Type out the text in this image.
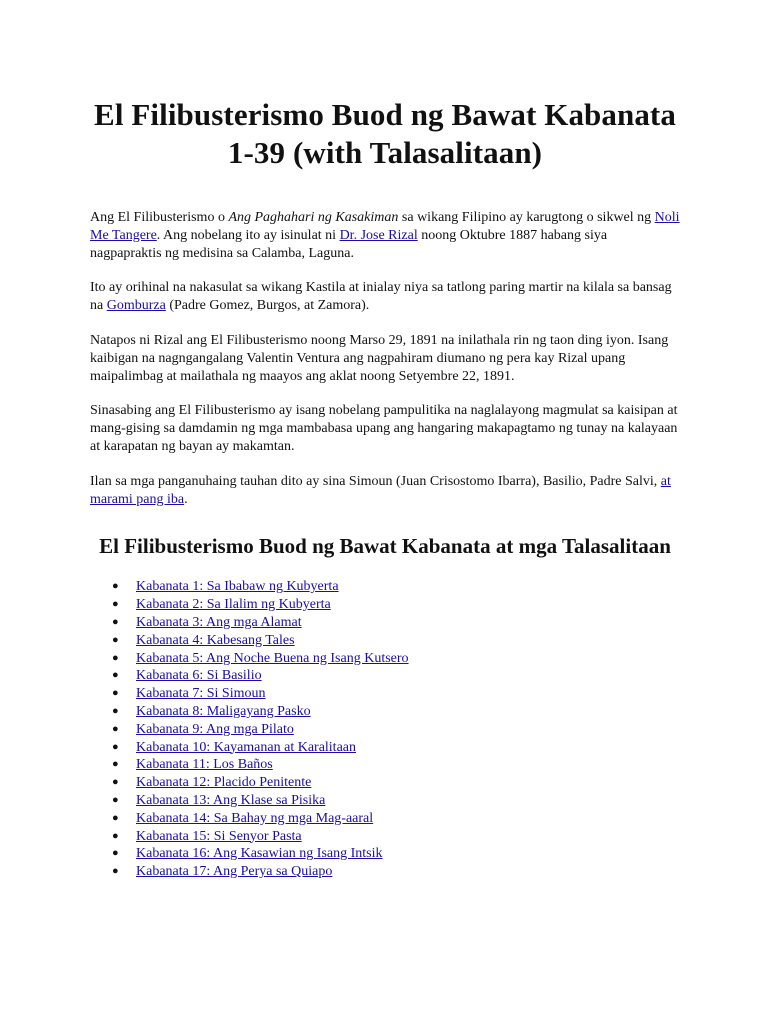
El Filibusterismo Buod ng Bawat Kabanata 1-39 (with Talasalitaan)

Ang El Filibusterismo o Ang Paghahari ng Kasakiman sa wikang Filipino ay karugtong o sikwel ng Noli Me Tangere. Ang nobelang ito ay isinulat ni Dr. Jose Rizal noong Oktubre 1887 habang siya nagpapraktis ng medisina sa Calamba, Laguna.

Ito ay orihinal na nakasulat sa wikang Kastila at inialay niya sa tatlong paring martir na kilala sa bansag na Gomburza (Padre Gomez, Burgos, at Zamora).

Natapos ni Rizal ang El Filibusterismo noong Marso 29, 1891 na inilathala rin ng taon ding iyon. Isang kaibigan na nagngangalang Valentin Ventura ang nagpahiram diumano ng pera kay Rizal upang maipalimbag at mailathala ng maayos ang aklat noong Setyembre 22, 1891.

Sinasabing ang El Filibusterismo ay isang nobelang pampulitika na naglalayong magmulat sa kaisipan at mang-gising sa damdamin ng mga mambabasa upang ang hangaring makapagtamo ng tunay na kalayaan at karapatan ng bayan ay makamtan.

Ilan sa mga panganuhaing tauhan dito ay sina Simoun (Juan Crisostomo Ibarra), Basilio, Padre Salvi, at marami pang iba.

El Filibusterismo Buod ng Bawat Kabanata at mga Talasalitaan
● Kabanata 1: Sa Ibabaw ng Kubyerta
● Kabanata 2: Sa Ilalim ng Kubyerta
● Kabanata 3: Ang mga Alamat
● Kabanata 4: Kabesang Tales
● Kabanata 5: Ang Noche Buena ng Isang Kutsero
● Kabanata 6: Si Basilio
● Kabanata 7: Si Simoun
● Kabanata 8: Maligayang Pasko
● Kabanata 9: Ang mga Pilato
● Kabanata 10: Kayamanan at Karalitaan
● Kabanata 11: Los Baños
● Kabanata 12: Placido Penitente
● Kabanata 13: Ang Klase sa Pisika
● Kabanata 14: Sa Bahay ng mga Mag-aaral
● Kabanata 15: Si Senyor Pasta
● Kabanata 16: Ang Kasawian ng Isang Intsik
● Kabanata 17: Ang Perya sa Quiapo
